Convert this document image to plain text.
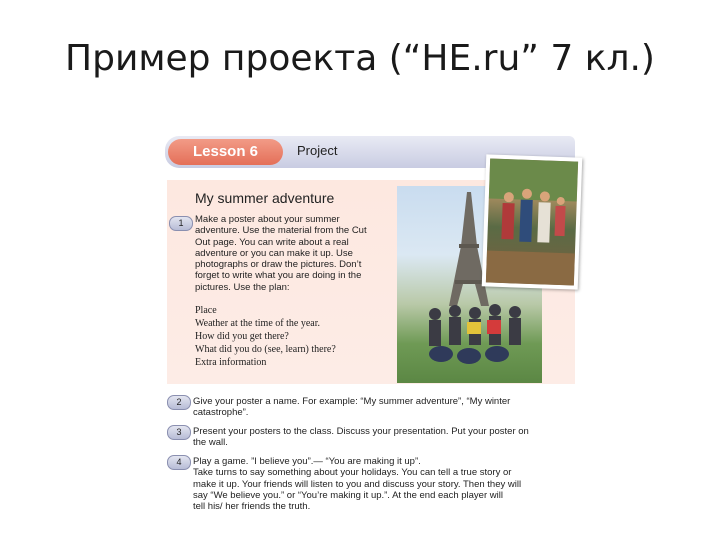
Пример проекта (“HE.ru” 7 кл.)
Lesson 6	Project
My summer adventure
1	Make a poster about your summer
adventure. Use the material from the Cut
Out page. You can write about a real
adventure or you can make it up. Use
photographs or draw the pictures. Don’t
forget to write what you are doing in the
pictures. Use the plan:
Place
Weather at the time of the year.
How did you get there?
What did you do (see, learn) there?
Extra information
2	Give your poster a name. For example: “My summer adventure”, “My winter
catastrophe”.
3	Present your posters to the class. Discuss your presentation. Put your poster on
the wall.
4	Play a game. ”I believe you”.— “You are making it up”.
Take turns to say something about your holidays. You can tell a true story or
make it up. Your friends will listen to you and discuss your story. Then they will
say “We believe you.” or “You’re making it up.”. At the end each player will
tell his/ her friends the truth.
